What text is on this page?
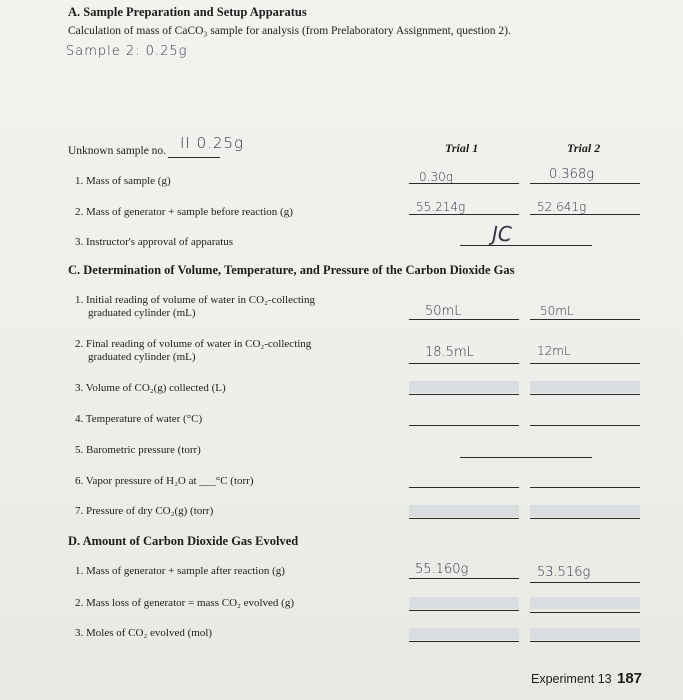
A. Sample Preparation and Setup Apparatus
Calculation of mass of CaCO₃ sample for analysis (from Prelaboratory Assignment, question 2).
Sample 2: 0.25g
Unknown sample no. II 0.25g	Trial 1	Trial 2
1. Mass of sample (g)	0.30g	0.368g
2. Mass of generator + sample before reaction (g)	55.214g	52.641g
3. Instructor's approval of apparatus	JC
C. Determination of Volume, Temperature, and Pressure of the Carbon Dioxide Gas
1. Initial reading of volume of water in CO₂-collecting
graduated cylinder (mL)	50mL	50mL
2. Final reading of volume of water in CO₂-collecting
graduated cylinder (mL)	18.5mL	12mL
3. Volume of CO₂(g) collected (L)
4. Temperature of water (°C)
5. Barometric pressure (torr)
6. Vapor pressure of H₂O at ___°C (torr)
7. Pressure of dry CO₂(g) (torr)
D. Amount of Carbon Dioxide Gas Evolved
1. Mass of generator + sample after reaction (g)	55.160g	53.516g
2. Mass loss of generator = mass CO₂ evolved (g)
3. Moles of CO₂ evolved (mol)
Experiment 13 187
